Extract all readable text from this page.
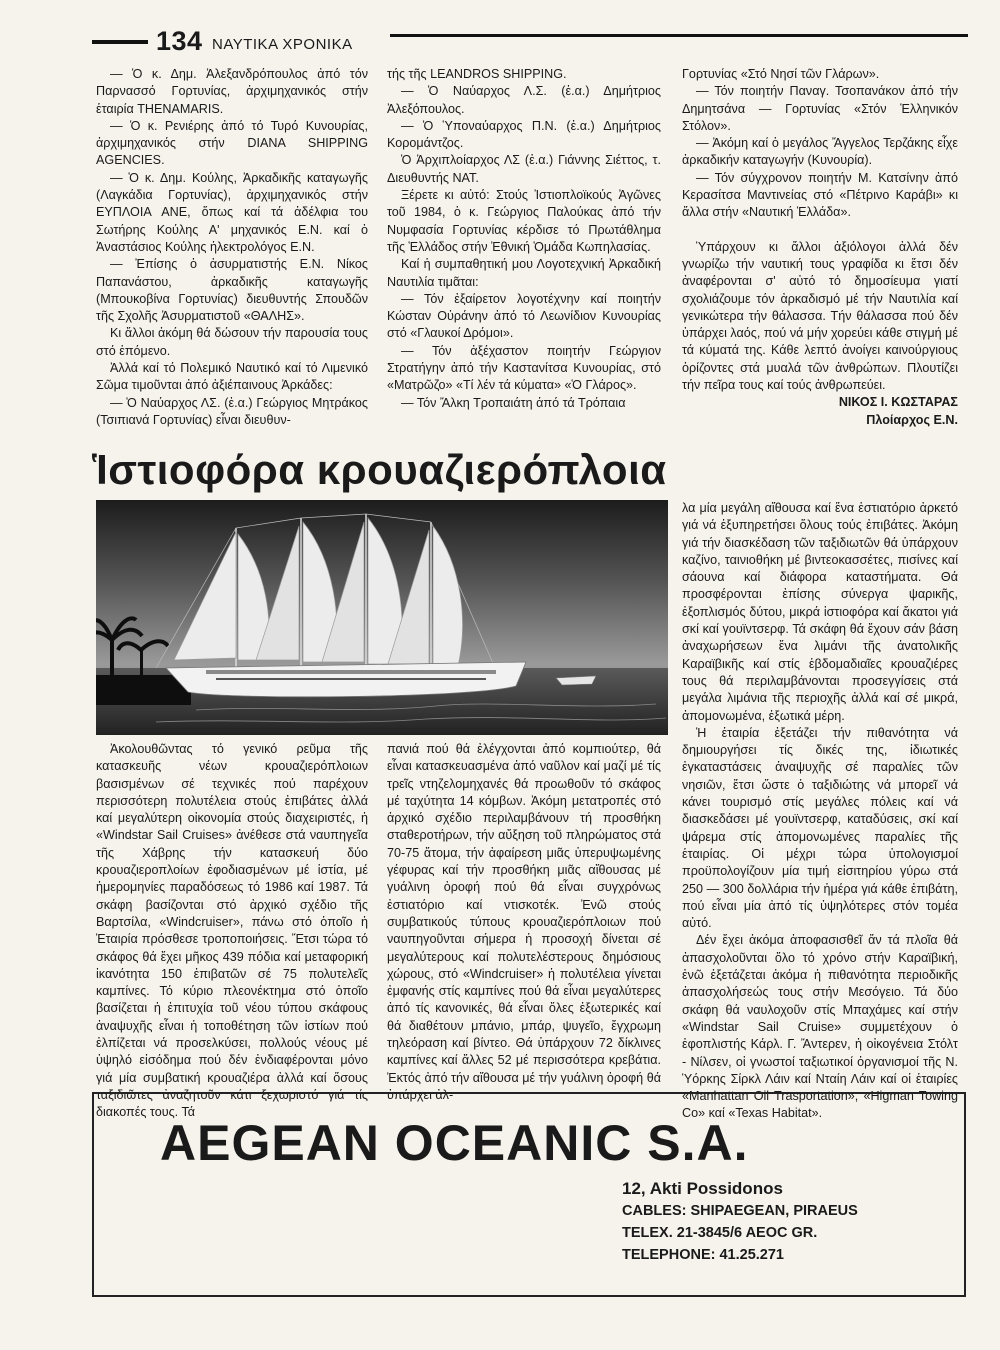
134 ΝΑΥΤΙΚΑ ΧΡΟΝΙΚΑ

— Ὁ κ. Δημ. Ἀλεξανδρόπουλος ἀπό τόν Παρνασσό Γορτυνίας, ἀρχιμηχανικός στήν ἑταιρία THENAMARIS.

— Ὁ κ. Ρενιέρης ἀπό τό Τυρό Κυνουρίας, ἀρχιμηχανικός στήν DIANA SHIPPING AGENCIES.

— Ὁ κ. Δημ. Κούλης, Ἀρκαδικῆς καταγωγῆς (Λαγκάδια Γορτυνίας), ἀρχιμηχανικός στήν ΕΥΠΛΟΙΑ ΑΝΕ, ὅπως καί τά ἀδέλφια του Σωτήρης Κούλης Α' μηχανικός Ε.Ν. καί ὁ Ἀναστάσιος Κούλης ἠλεκτρολόγος Ε.Ν.

— Ἐπίσης ὁ ἀσυρματιστής Ε.Ν. Νίκος Παπανάστου, ἀρκαδικῆς καταγωγῆς (Μπουκοβίνα Γορτυνίας) διευθυντής Σπουδῶν τῆς Σχολῆς Ἀσυρματιστοῦ «ΘΑΛΗΣ».

Κι ἄλλοι ἀκόμη θά δώσουν τήν παρουσία τους στό ἑπόμενο.

Ἀλλά καί τό Πολεμικό Ναυτικό καί τό Λιμενικό Σῶμα τιμοῦνται ἀπό ἀξιέπαινους Ἀρκάδες:

— Ὁ Ναύαρχος ΛΣ. (ἐ.α.) Γεώργιος Μητράκος (Τσιπιανά Γορτυνίας) εἶναι διευθυν-

τής τῆς LEANDROS SHIPPING.

— Ὁ Ναύαρχος Λ.Σ. (ἐ.α.) Δημήτριος Ἀλεξόπουλος.

— Ὁ Ὑποναύαρχος Π.Ν. (ἐ.α.) Δημήτριος Κορομάντζος.

Ὁ Ἀρχιπλοίαρχος ΛΣ (ἐ.α.) Γιάννης Σιέττος, τ. Διευθυντής ΝΑΤ.

Ξέρετε κι αὐτό: Στούς Ἰστιοπλοϊκούς Ἀγῶνες τοῦ 1984, ὁ κ. Γεώργιος Παλούκας ἀπό τήν Νυμφασία Γορτυνίας κέρδισε τό Πρωτάθλημα τῆς Ἑλλάδος στήν Ἐθνική Ὁμάδα Κωπηλασίας.

Καί ἡ συμπαθητική μου Λογοτεχνική Ἀρκαδική Ναυτιλία τιμᾶται:

— Τόν ἐξαίρετον λογοτέχνην καί ποιητήν Κώσταν Οὐράνην ἀπό τό Λεωνίδιον Κυνουρίας στό «Γλαυκοί Δρόμοι».

— Τόν ἀξέχαστον ποιητήν Γεώργιον Στρατήγην ἀπό τήν Καστανίτσα Κυνουρίας, στό «Ματρῶζο» «Τί λέν τά κύματα» «Ὁ Γλάρος».

— Τόν Ἄλκη Τροπαιάτη ἀπό τά Τρόπαια

Γορτυνίας «Στό Νησί τῶν Γλάρων».

— Τόν ποιητήν Παναγ. Τσοπανάκον ἀπό τήν Δημητσάνα — Γορτυνίας «Στόν Ἑλληνικόν Στόλον».

— Ἀκόμη καί ὁ μεγάλος Ἄγγελος Τερζάκης εἶχε ἀρκαδικήν καταγωγήν (Κυνουρία).

— Τόν σύγχρονον ποιητήν Μ. Κατσίνην ἀπό Κερασίτσα Μαντινείας στό «Πέτρινο Καράβι» κι ἄλλα στήν «Ναυτική Ἑλλάδα».

Ὑπάρχουν κι ἄλλοι ἀξιόλογοι ἀλλά δέν γνωρίζω τήν ναυτική τους γραφίδα κι ἔτσι δέν ἀναφέρονται σ' αὐτό τό δημοσίευμα γιατί σχολιάζουμε τόν ἀρκαδισμό μέ τήν Ναυτιλία καί γενικώτερα τήν θάλασσα. Τήν θάλασσα πού δέν ὑπάρχει λαός, πού νά μήν χορεύει κάθε στιγμή μέ τά κύματά της. Κάθε λεπτό ἀνοίγει καινούργιους ὁρίζοντες στά μυαλά τῶν ἀνθρώπων. Πλουτίζει τήν πεῖρα τους καί τούς ἀνθρωπεύει.

ΝΙΚΟΣ Ι. ΚΩΣΤΑΡΑΣ

Πλοίαρχος Ε.Ν.

Ἱστιοφόρα κρουαζιερόπλοια

λα μία μεγάλη αἴθουσα καί ἕνα ἑστιατόριο ἀρκετό γιά νά ἐξυπηρετήσει ὅλους τούς ἐπιβάτες. Ἀκόμη γιά τήν διασκέδαση τῶν ταξιδιωτῶν θά ὑπάρχουν καζίνο, ταινιοθήκη μέ βιντεοκασσέτες, πισίνες καί σάουνα καί διάφορα καταστήματα. Θά προσφέρονται ἐπίσης σύνεργα ψαρικῆς, ἐξοπλισμός δύτου, μικρά ἱστιοφόρα καί ἄκατοι γιά σκί καί γουϊντσερφ. Τά σκάφη θά ἔχουν σάν βάση ἀναχωρήσεων ἕνα λιμάνι τῆς ἀνατολικῆς Καραϊβικῆς καί στίς ἑβδομαδιαῖες κρουαζιέρες τους θά περιλαμβάνονται προσεγγίσεις στά μεγάλα λιμάνια τῆς περιοχῆς ἀλλά καί σέ μικρά, ἀπομονωμένα, ἐξωτικά μέρη.

Ἡ ἑταιρία ἐξετάζει τήν πιθανότητα νά δημιουργήσει τίς δικές της, ἰδιωτικές ἐγκαταστάσεις ἀναψυχῆς σέ παραλίες τῶν νησιῶν, ἔτσι ὥστε ὁ ταξιδιώτης νά μπορεῖ νά κάνει τουρισμό στίς μεγάλες πόλεις καί νά διασκεδάσει μέ γουϊντσερφ, καταδύσεις, σκί καί ψάρεμα στίς ἀπομονωμένες παραλίες τῆς ἑταιρίας. Οἱ μέχρι τώρα ὑπολογισμοί προϋπολογίζουν μία τιμή εἰσιτηρίου γύρω στά 250 — 300 δολλάρια τήν ἡμέρα γιά κάθε ἐπιβάτη, πού εἶναι μία ἀπό τίς ὑψηλότερες στόν τομέα αὐτό.

Δέν ἔχει ἀκόμα ἀποφασισθεῖ ἄν τά πλοῖα θά ἀπασχολοῦνται ὅλο τό χρόνο στήν Καραϊβική, ἐνῶ ἐξετάζεται ἀκόμα ἡ πιθανότητα περιοδικῆς ἀπασχολήσεώς τους στήν Μεσόγειο. Τά δύο σκάφη θά ναυλοχοῦν στίς Μπαχάμες καί στήν «Windstar Sail Cruise» συμμετέχουν ὁ ἐφοπλιστής Κάρλ. Γ. Ἄντερεν, ἡ οἰκογένεια Στόλτ - Νίλσεν, οἱ γνωστοί ταξιωτικοί ὀργανισμοί τῆς Ν. Ὑόρκης Σίρκλ Λάιν καί Νταίη Λάιν καί οἱ ἑταιρίες «Manhattan Oil Trasportation», «Higman Towing Co» καί «Texas Habitat».

Ἀκολουθῶντας τό γενικό ρεῦμα τῆς κατασκευῆς νέων κρουαζιερόπλοιων βασισμένων σέ τεχνικές πού παρέχουν περισσότερη πολυτέλεια στούς ἐπιβάτες ἀλλά καί μεγαλύτερη οἰκονομία στούς διαχειριστές, ἡ «Windstar Sail Cruises» ἀνέθεσε στά ναυπηγεῖα τῆς Χάβρης τήν κατασκευή δύο κρουαζιεροπλοίων ἐφοδιασμένων μέ ἱστία, μέ ἡμερομηνίες παραδόσεως τό 1986 καί 1987. Τά σκάφη βασίζονται στό ἀρχικό σχέδιο τῆς Βαρτσίλα, «Windcruiser», πάνω στό ὁποῖο ἡ Ἑταιρία πρόσθεσε τροποποιήσεις. Ἔτσι τώρα τό σκάφος θά ἔχει μῆκος 439 πόδια καί μεταφορική ἱκανότητα 150 ἐπιβατῶν σέ 75 πολυτελεῖς καμπίνες. Τό κύριο πλεονέκτημα στό ὁποῖο βασίζεται ἡ ἐπιτυχία τοῦ νέου τύπου σκάφους ἀναψυχῆς εἶναι ἡ τοποθέτηση τῶν ἱστίων πού ἐλπίζεται νά προσελκύσει, πολλούς νέους μέ ὑψηλό εἰσόδημα πού δέν ἐνδιαφέρονται μόνο γιά μία συμβατική κρουαζιέρα ἀλλά καί ὅσους ταξιδιῶτες ἀναζητοῦν κάτι ξεχωριστό γιά τίς διακοπές τους. Τά

πανιά πού θά ἐλέγχονται ἀπό κομπιούτερ, θά εἶναι κατασκευασμένα ἀπό ναῦλον καί μαζί μέ τίς τρεῖς ντηζελομηχανές θά προωθοῦν τό σκάφος μέ ταχύτητα 14 κόμβων. Ἀκόμη μετατροπές στό ἀρχικό σχέδιο περιλαμβάνουν τή προσθήκη σταθεροτήρων, τήν αὔξηση τοῦ πληρώματος στά 70-75 ἄτομα, τήν ἀφαίρεση μιᾶς ὑπερυψωμένης γέφυρας καί τήν προσθήκη μιᾶς αἴθουσας μέ γυάλινη ὀροφή πού θά εἶναι συγχρόνως ἐστιατόριο καί ντισκοτέκ. Ἐνῶ στούς συμβατικούς τύπους κρουαζιερόπλοιων πού ναυπηγοῦνται σήμερα ἡ προσοχή δίνεται σέ μεγαλύτερους καί πολυτελέστερους δημόσιους χώρους, στό «Windcruiser» ἡ πολυτέλεια γίνεται ἐμφανής στίς καμπίνες πού θά εἶναι μεγαλύτερες ἀπό τίς κανονικές, θά εἶναι ὅλες ἐξωτερικές καί θά διαθέτουν μπάνιο, μπάρ, ψυγεῖο, ἔγχρωμη τηλεόραση καί βίντεο. Θά ὑπάρχουν 72 δίκλινες καμπίνες καί ἄλλες 52 μέ περισσότερα κρεβάτια. Ἐκτός ἀπό τήν αἴθουσα μέ τήν γυάλινη ὀροφή θά ὑπάρχει ἀλ-

AEGEAN OCEANIC S.A.
12, Akti Possidonos
CABLES: SHIPAEGEAN, PIRAEUS
TELEX. 21-3845/6 AEOC GR.
TELEPHONE: 41.25.271
